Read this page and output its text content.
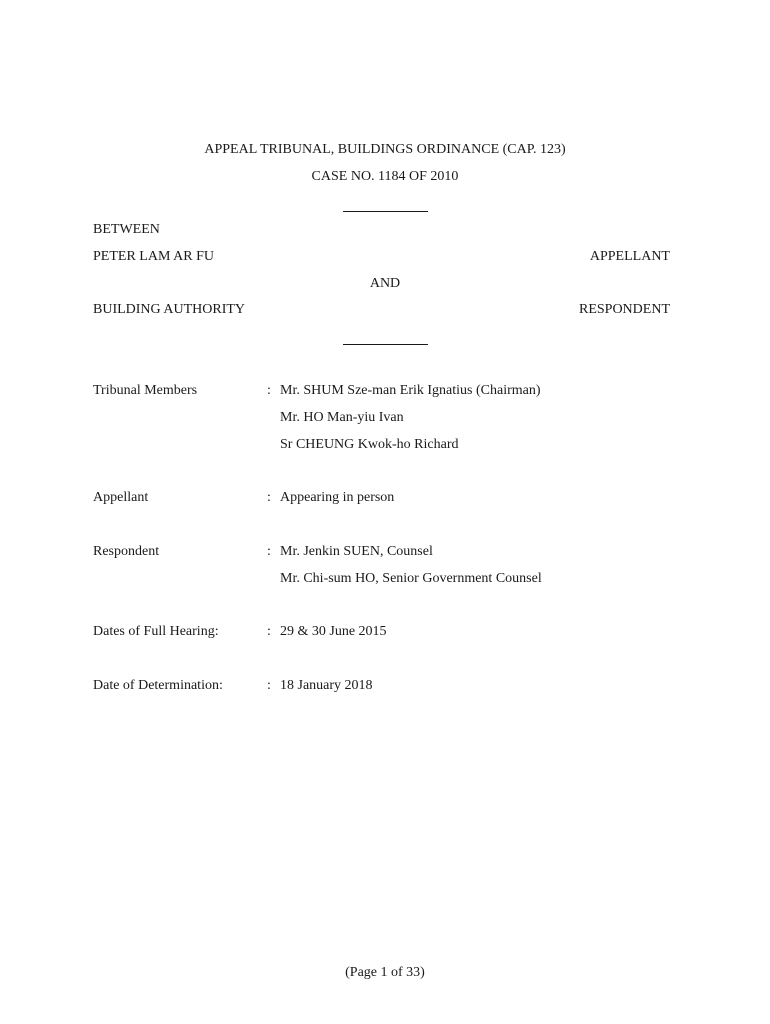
APPEAL TRIBUNAL, BUILDINGS ORDINANCE (CAP. 123)
CASE NO. 1184 OF 2010
BETWEEN
PETER LAM AR FU	APPELLANT
AND
BUILDING AUTHORITY	RESPONDENT
Tribunal Members	: Mr. SHUM Sze-man Erik Ignatius (Chairman)
Mr. HO Man-yiu Ivan
Sr CHEUNG Kwok-ho Richard
Appellant	: Appearing in person
Respondent	: Mr. Jenkin SUEN, Counsel
Mr. Chi-sum HO, Senior Government Counsel
Dates of Full Hearing:	: 29 & 30 June 2015
Date of Determination:	: 18 January 2018
(Page 1 of 33)
